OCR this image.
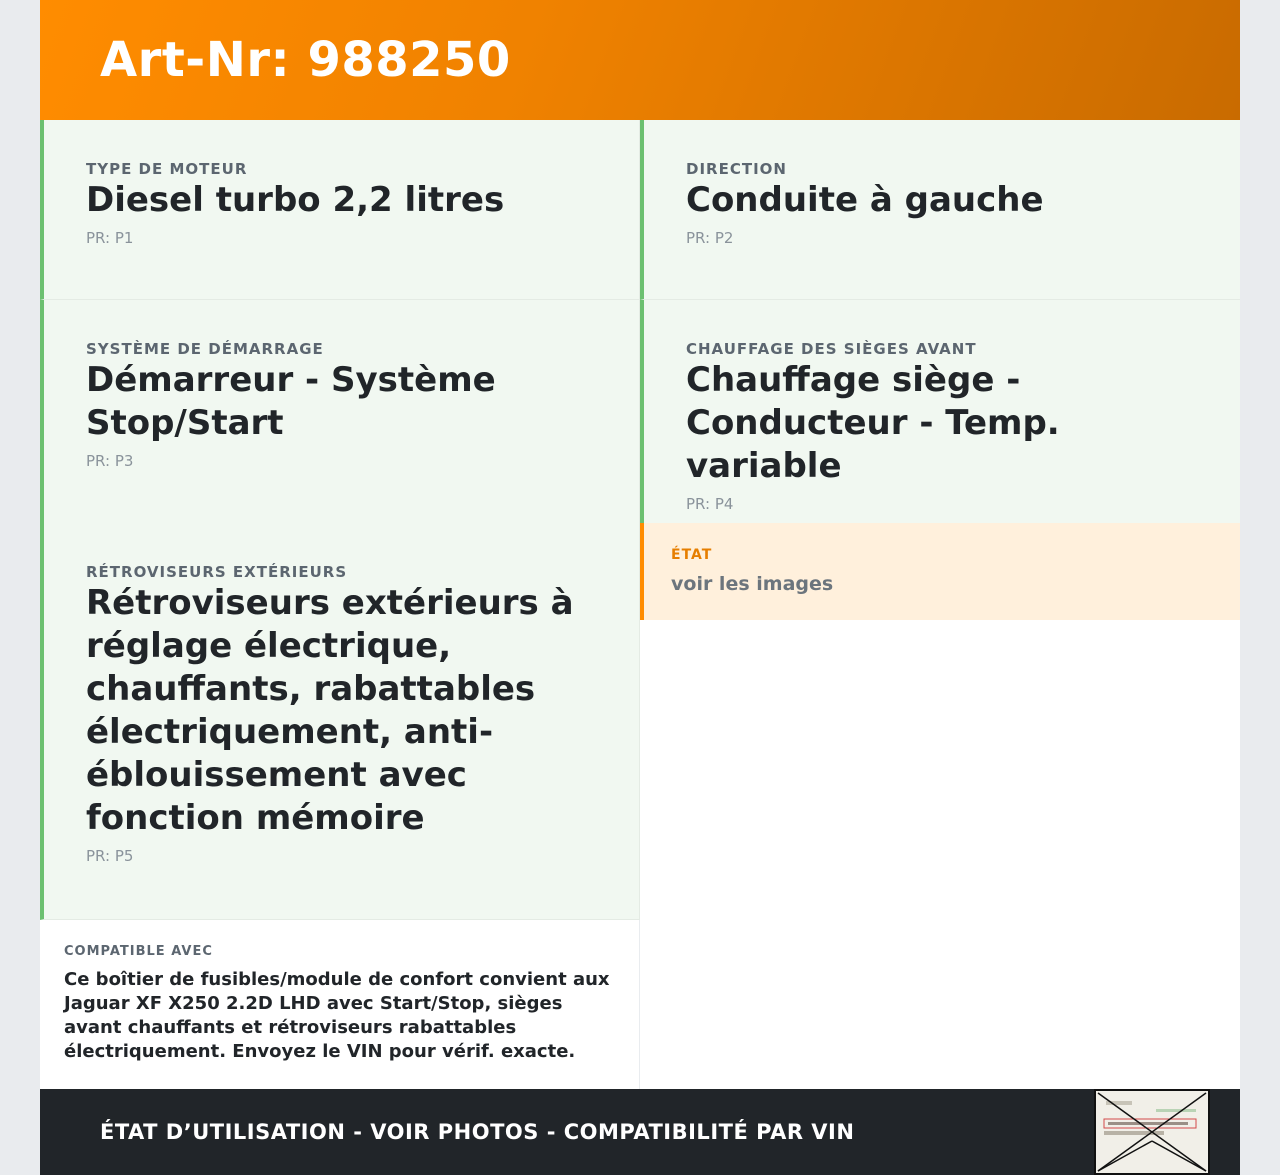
Art-Nr: 988250

TYPE DE MOTEUR

Diesel turbo 2,2 litres

PR: P1

DIRECTION

Conduite à gauche

PR: P2

SYSTÈME DE DÉMARRAGE

Démarreur - Système Stop/Start

PR: P3

CHAUFFAGE DES SIÈGES AVANT

Chauffage siège - Conducteur - Temp. variable

PR: P4

RÉTROVISEURS EXTÉRIEURS

Rétroviseurs extérieurs à réglage électrique, chauffants, rabattables électriquement, anti-éblouissement avec fonction mémoire

PR: P5

ÉTAT

voir les images

COMPATIBLE AVEC

Ce boîtier de fusibles/module de confort convient aux Jaguar XF X250 2.2D LHD avec Start/Stop, sièges avant chauffants et rétroviseurs rabattables électriquement. Envoyez le VIN pour vérif. exacte.

ÉTAT D’UTILISATION - VOIR PHOTOS - COMPATIBILITÉ PAR VIN
